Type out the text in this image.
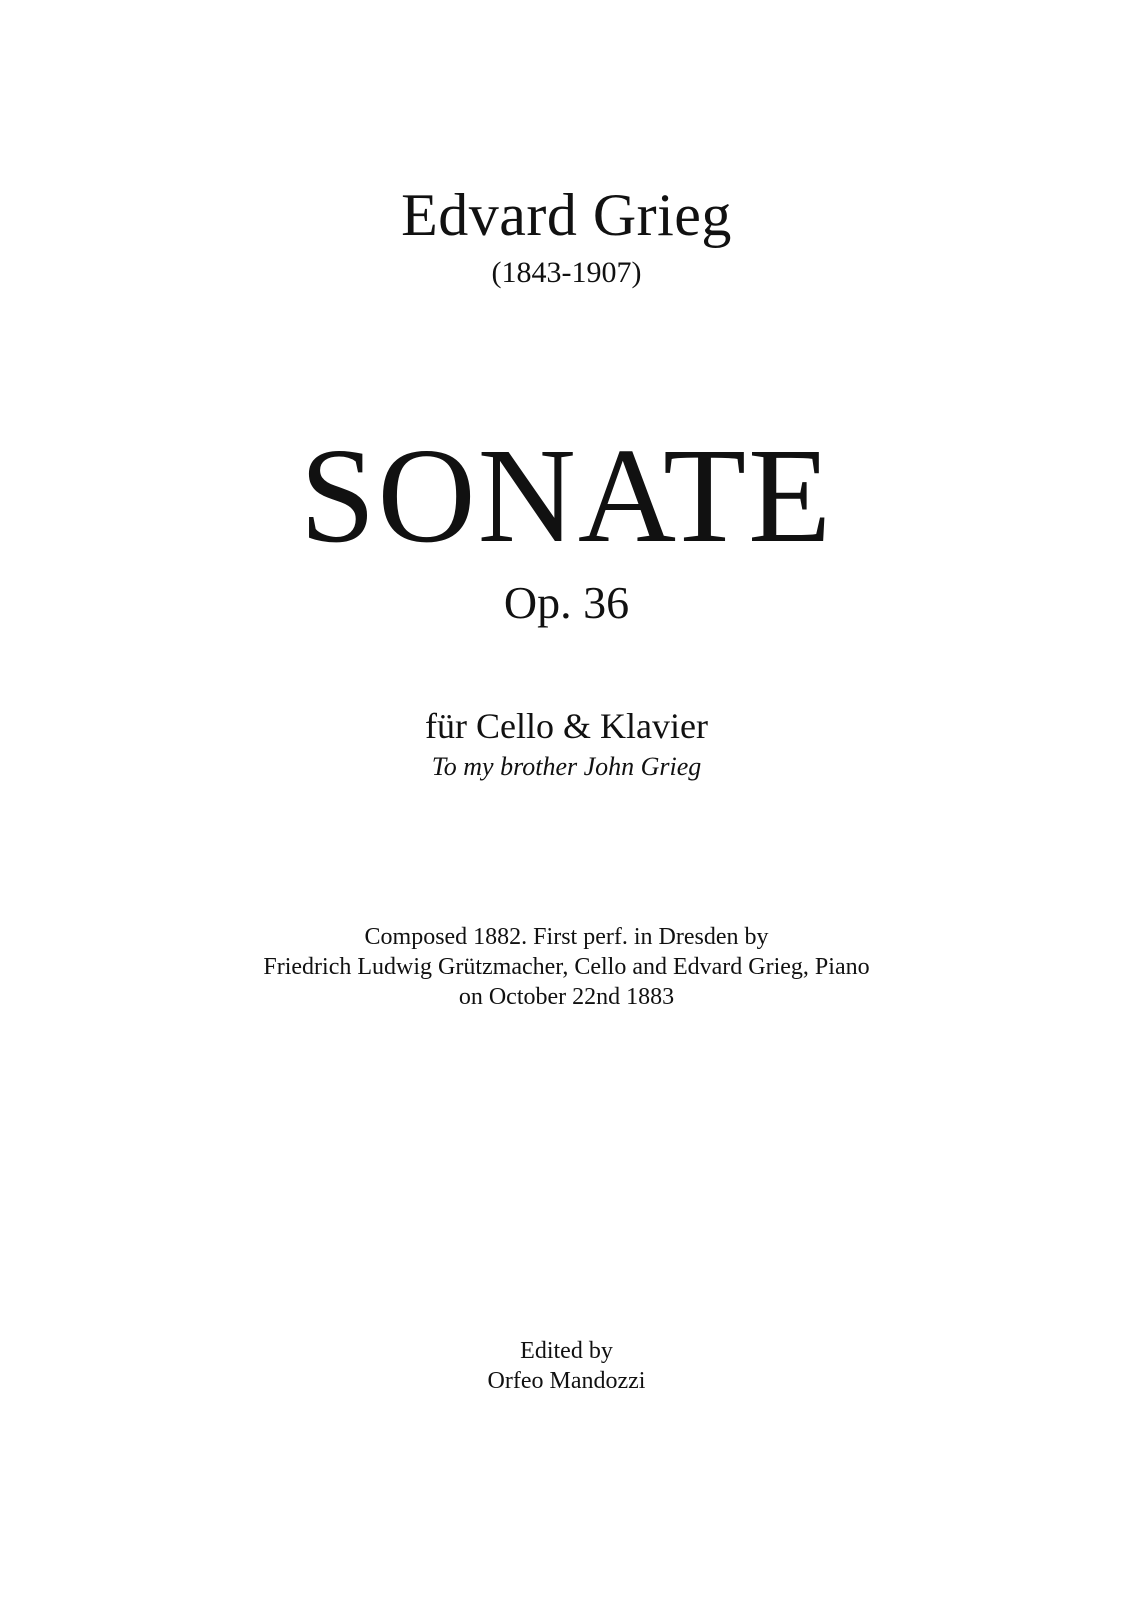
Edvard Grieg
(1843-1907)
SONATE
Op. 36
für Cello & Klavier
To my brother John Grieg
Composed 1882. First perf. in Dresden by
Friedrich Ludwig Grützmacher, Cello and Edvard Grieg, Piano
on October 22nd 1883
Edited by
Orfeo Mandozzi
